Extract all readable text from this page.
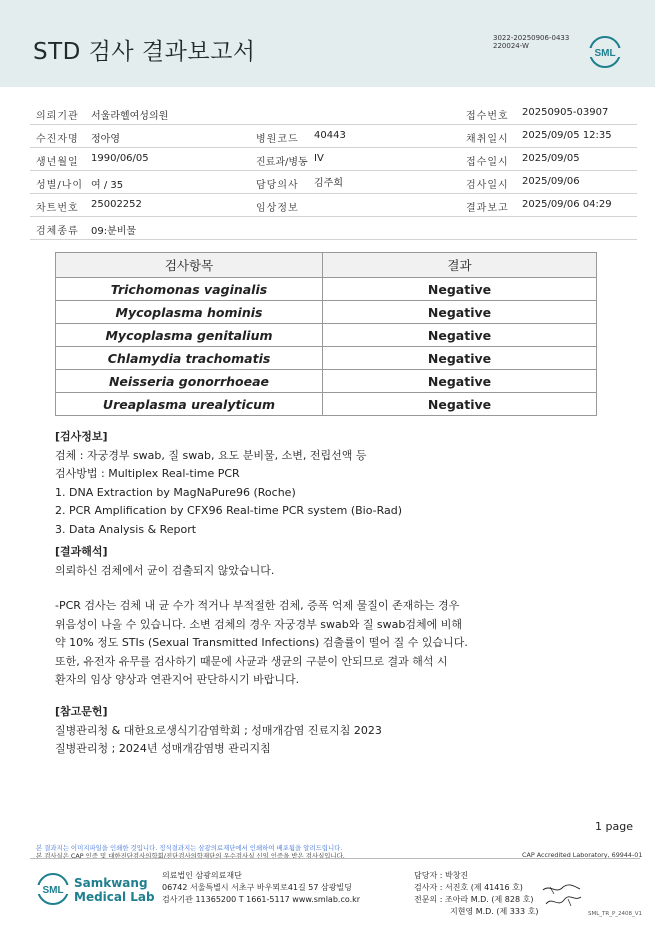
STD 검사 결과보고서
3022-20250906-0433
220024-W
SML
의뢰기관 서울라헬여성의원	접수번호 20250905-03907
수진자명 정아영	병원코드 40443	채취일시 2025/09/05 12:35
생년월일 1990/06/05	진료과/병동 IV	접수일시 2025/09/05
성별/나이 여 / 35	담당의사 김주희	검사일시 2025/09/06
차트번호 25002252	임상정보	결과보고 2025/09/06 04:29
검체종류 09:분비물
검사항목	결과
Trichomonas vaginalis	Negative
Mycoplasma hominis	Negative
Mycoplasma genitalium	Negative
Chlamydia trachomatis	Negative
Neisseria gonorrhoeae	Negative
Ureaplasma urealyticum	Negative
[검사정보]
검체 : 자궁경부 swab, 질 swab, 요도 분비물, 소변, 전립선액 등
검사방법 : Multiplex Real-time PCR
1. DNA Extraction by MagNaPure96 (Roche)
2. PCR Amplification by CFX96 Real-time PCR system (Bio-Rad)
3. Data Analysis & Report
[결과해석]
의뢰하신 검체에서 균이 검출되지 않았습니다.
-PCR 검사는 검체 내 균 수가 적거나 부적절한 검체, 증폭 억제 물질이 존재하는 경우
위음성이 나올 수 있습니다. 소변 검체의 경우 자궁경부 swab와 질 swab검체에 비해
약 10% 정도 STIs (Sexual Transmitted Infections) 검출률이 떨어 질 수 있습니다.
또한, 유전자 유무를 검사하기 때문에 사균과 생균의 구분이 안되므로 결과 해석 시
환자의 임상 양상과 연관지어 판단하시기 바랍니다.
[참고문헌]
질병관리청 & 대한요로생식기감염학회 ; 성매개감염 진료지침 2023
질병관리청 ; 2024년 성매개감염병 관리지침
1 page
본 결과지는 이미지파일을 인쇄한 것입니다. 정식결과지는 삼광의료재단에서 인쇄하여 배포됨을 알려드립니다.
본 검사실은 CAP 인증 및 대한진단검사의학회/진단검사의학재단의 우수검사실 신임 인증을 받은 검사실입니다.	CAP Accredited Laboratory, 69944-01
SML
Samkwang
Medical Lab
의료법인 삼광의료재단
06742 서울특별시 서초구 바우뫼로41길 57 삼광빌딩
검사기관 11365200 T 1661-5117 www.smlab.co.kr
담당자 : 박창진
검사자 : 서진호 (제 41416 호)
전문의 : 조아라 M.D. (제 828 호)
지현영 M.D. (제 333 호)	SML_TR_P_2408_V1
